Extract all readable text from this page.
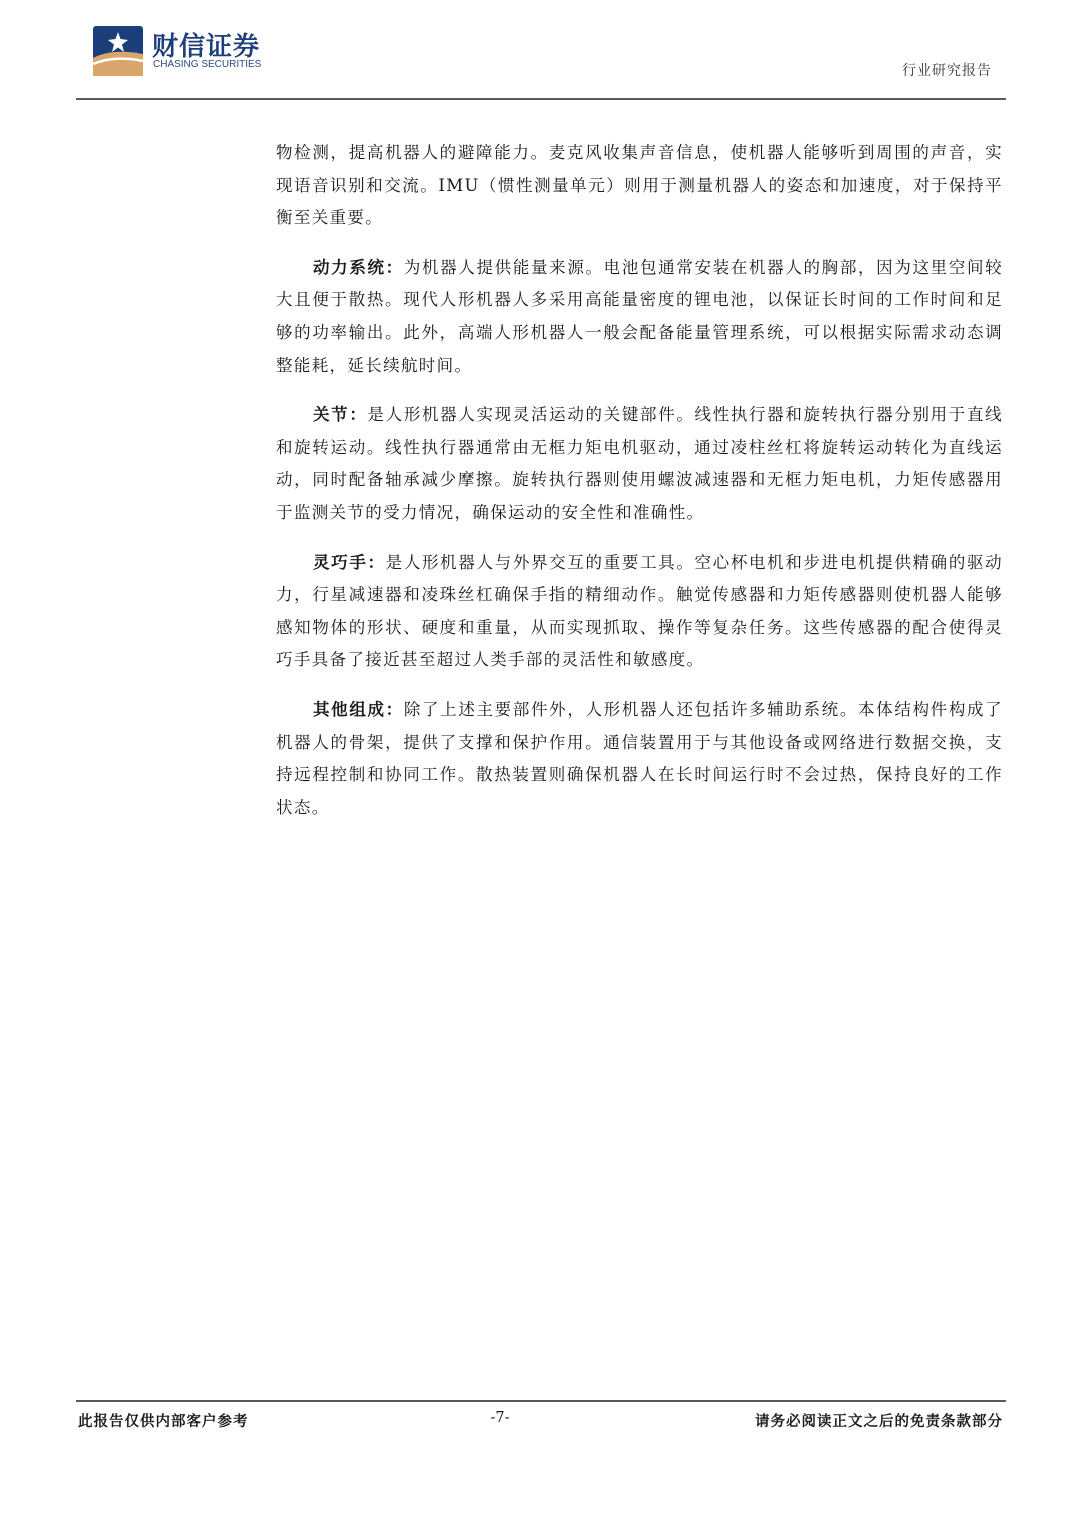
财信证券
CHASING SECURITIES	行业研究报告

物检测，提高机器人的避障能力。麦克风收集声音信息，使机器人能够听到周围的声音，实现语音识别和交流。IMU（惯性测量单元）则用于测量机器人的姿态和加速度，对于保持平衡至关重要。

动力系统：为机器人提供能量来源。电池包通常安装在机器人的胸部，因为这里空间较大且便于散热。现代人形机器人多采用高能量密度的锂电池，以保证长时间的工作时间和足够的功率输出。此外，高端人形机器人一般会配备能量管理系统，可以根据实际需求动态调整能耗，延长续航时间。

关节：是人形机器人实现灵活运动的关键部件。线性执行器和旋转执行器分别用于直线和旋转运动。线性执行器通常由无框力矩电机驱动，通过凌柱丝杠将旋转运动转化为直线运动，同时配备轴承减少摩擦。旋转执行器则使用螺波减速器和无框力矩电机，力矩传感器用于监测关节的受力情况，确保运动的安全性和准确性。

灵巧手：是人形机器人与外界交互的重要工具。空心杯电机和步进电机提供精确的驱动力，行星减速器和凌珠丝杠确保手指的精细动作。触觉传感器和力矩传感器则使机器人能够感知物体的形状、硬度和重量，从而实现抓取、操作等复杂任务。这些传感器的配合使得灵巧手具备了接近甚至超过人类手部的灵活性和敏感度。

其他组成：除了上述主要部件外，人形机器人还包括许多辅助系统。本体结构件构成了机器人的骨架，提供了支撑和保护作用。通信装置用于与其他设备或网络进行数据交换，支持远程控制和协同工作。散热装置则确保机器人在长时间运行时不会过热，保持良好的工作状态。

此报告仅供内部客户参考	-7-	请务必阅读正文之后的免责条款部分
